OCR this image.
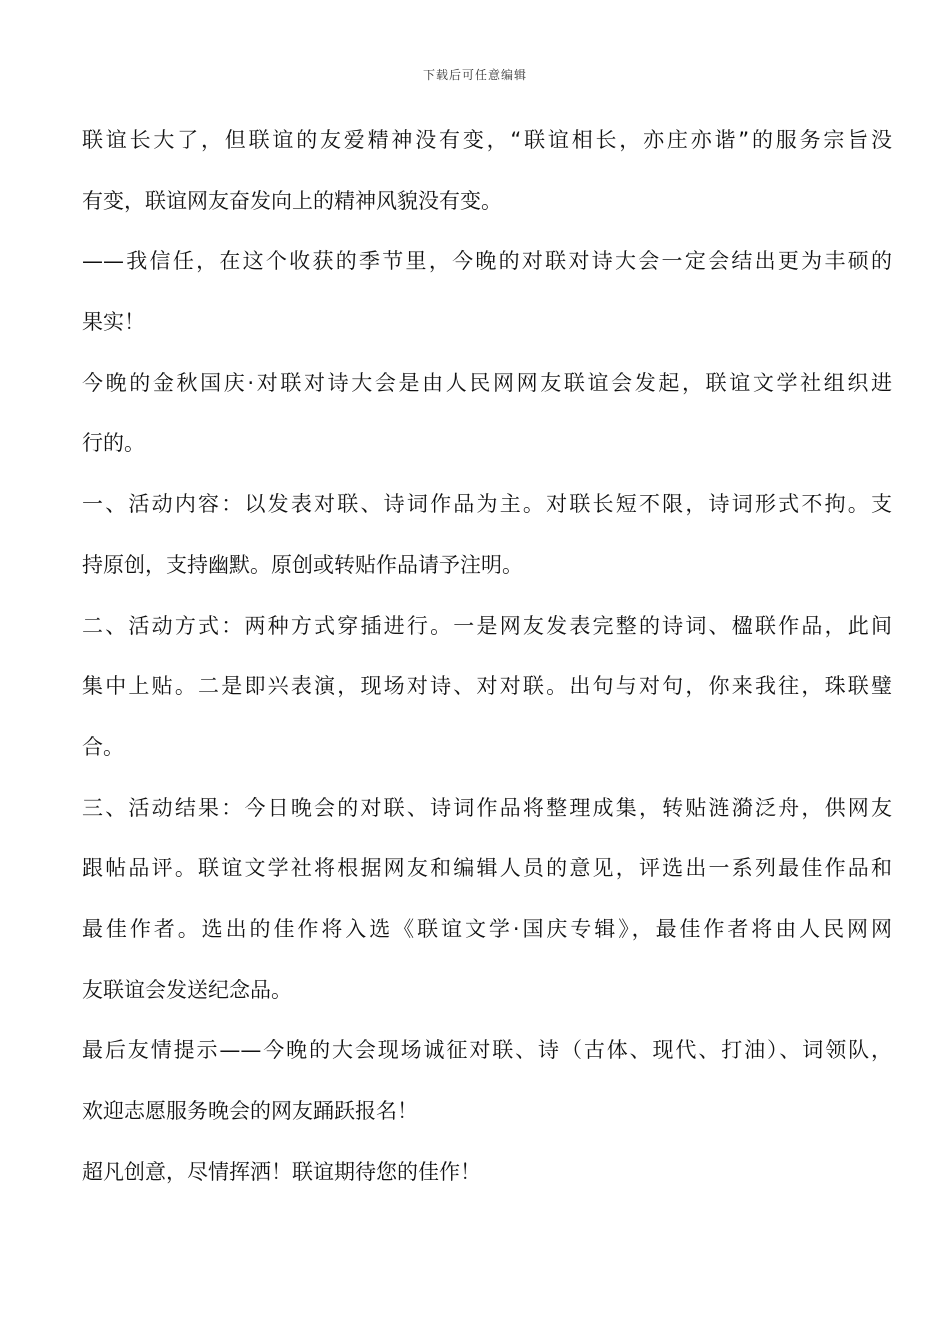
下载后可任意编辑
联谊长大了，但联谊的友爱精神没有变，“联谊相长，亦庄亦谐”的服务宗旨没
有变，联谊网友奋发向上的精神风貌没有变。
——我信任，在这个收获的季节里，今晚的对联对诗大会一定会结出更为丰硕的
果实！
今晚的金秋国庆·对联对诗大会是由人民网网友联谊会发起，联谊文学社组织进
行的。
一、活动内容：以发表对联、诗词作品为主。对联长短不限，诗词形式不拘。支
持原创，支持幽默。原创或转贴作品请予注明。
二、活动方式：两种方式穿插进行。一是网友发表完整的诗词、楹联作品，此间
集中上贴。二是即兴表演，现场对诗、对对联。出句与对句，你来我往，珠联璧
合。
三、活动结果：今日晚会的对联、诗词作品将整理成集，转贴涟漪泛舟，供网友
跟帖品评。联谊文学社将根据网友和编辑人员的意见，评选出一系列最佳作品和
最佳作者。选出的佳作将入选《联谊文学·国庆专辑》，最佳作者将由人民网网
友联谊会发送纪念品。
最后友情提示——今晚的大会现场诚征对联、诗（古体、现代、打油）、词领队，
欢迎志愿服务晚会的网友踊跃报名！
超凡创意，尽情挥洒！联谊期待您的佳作！
